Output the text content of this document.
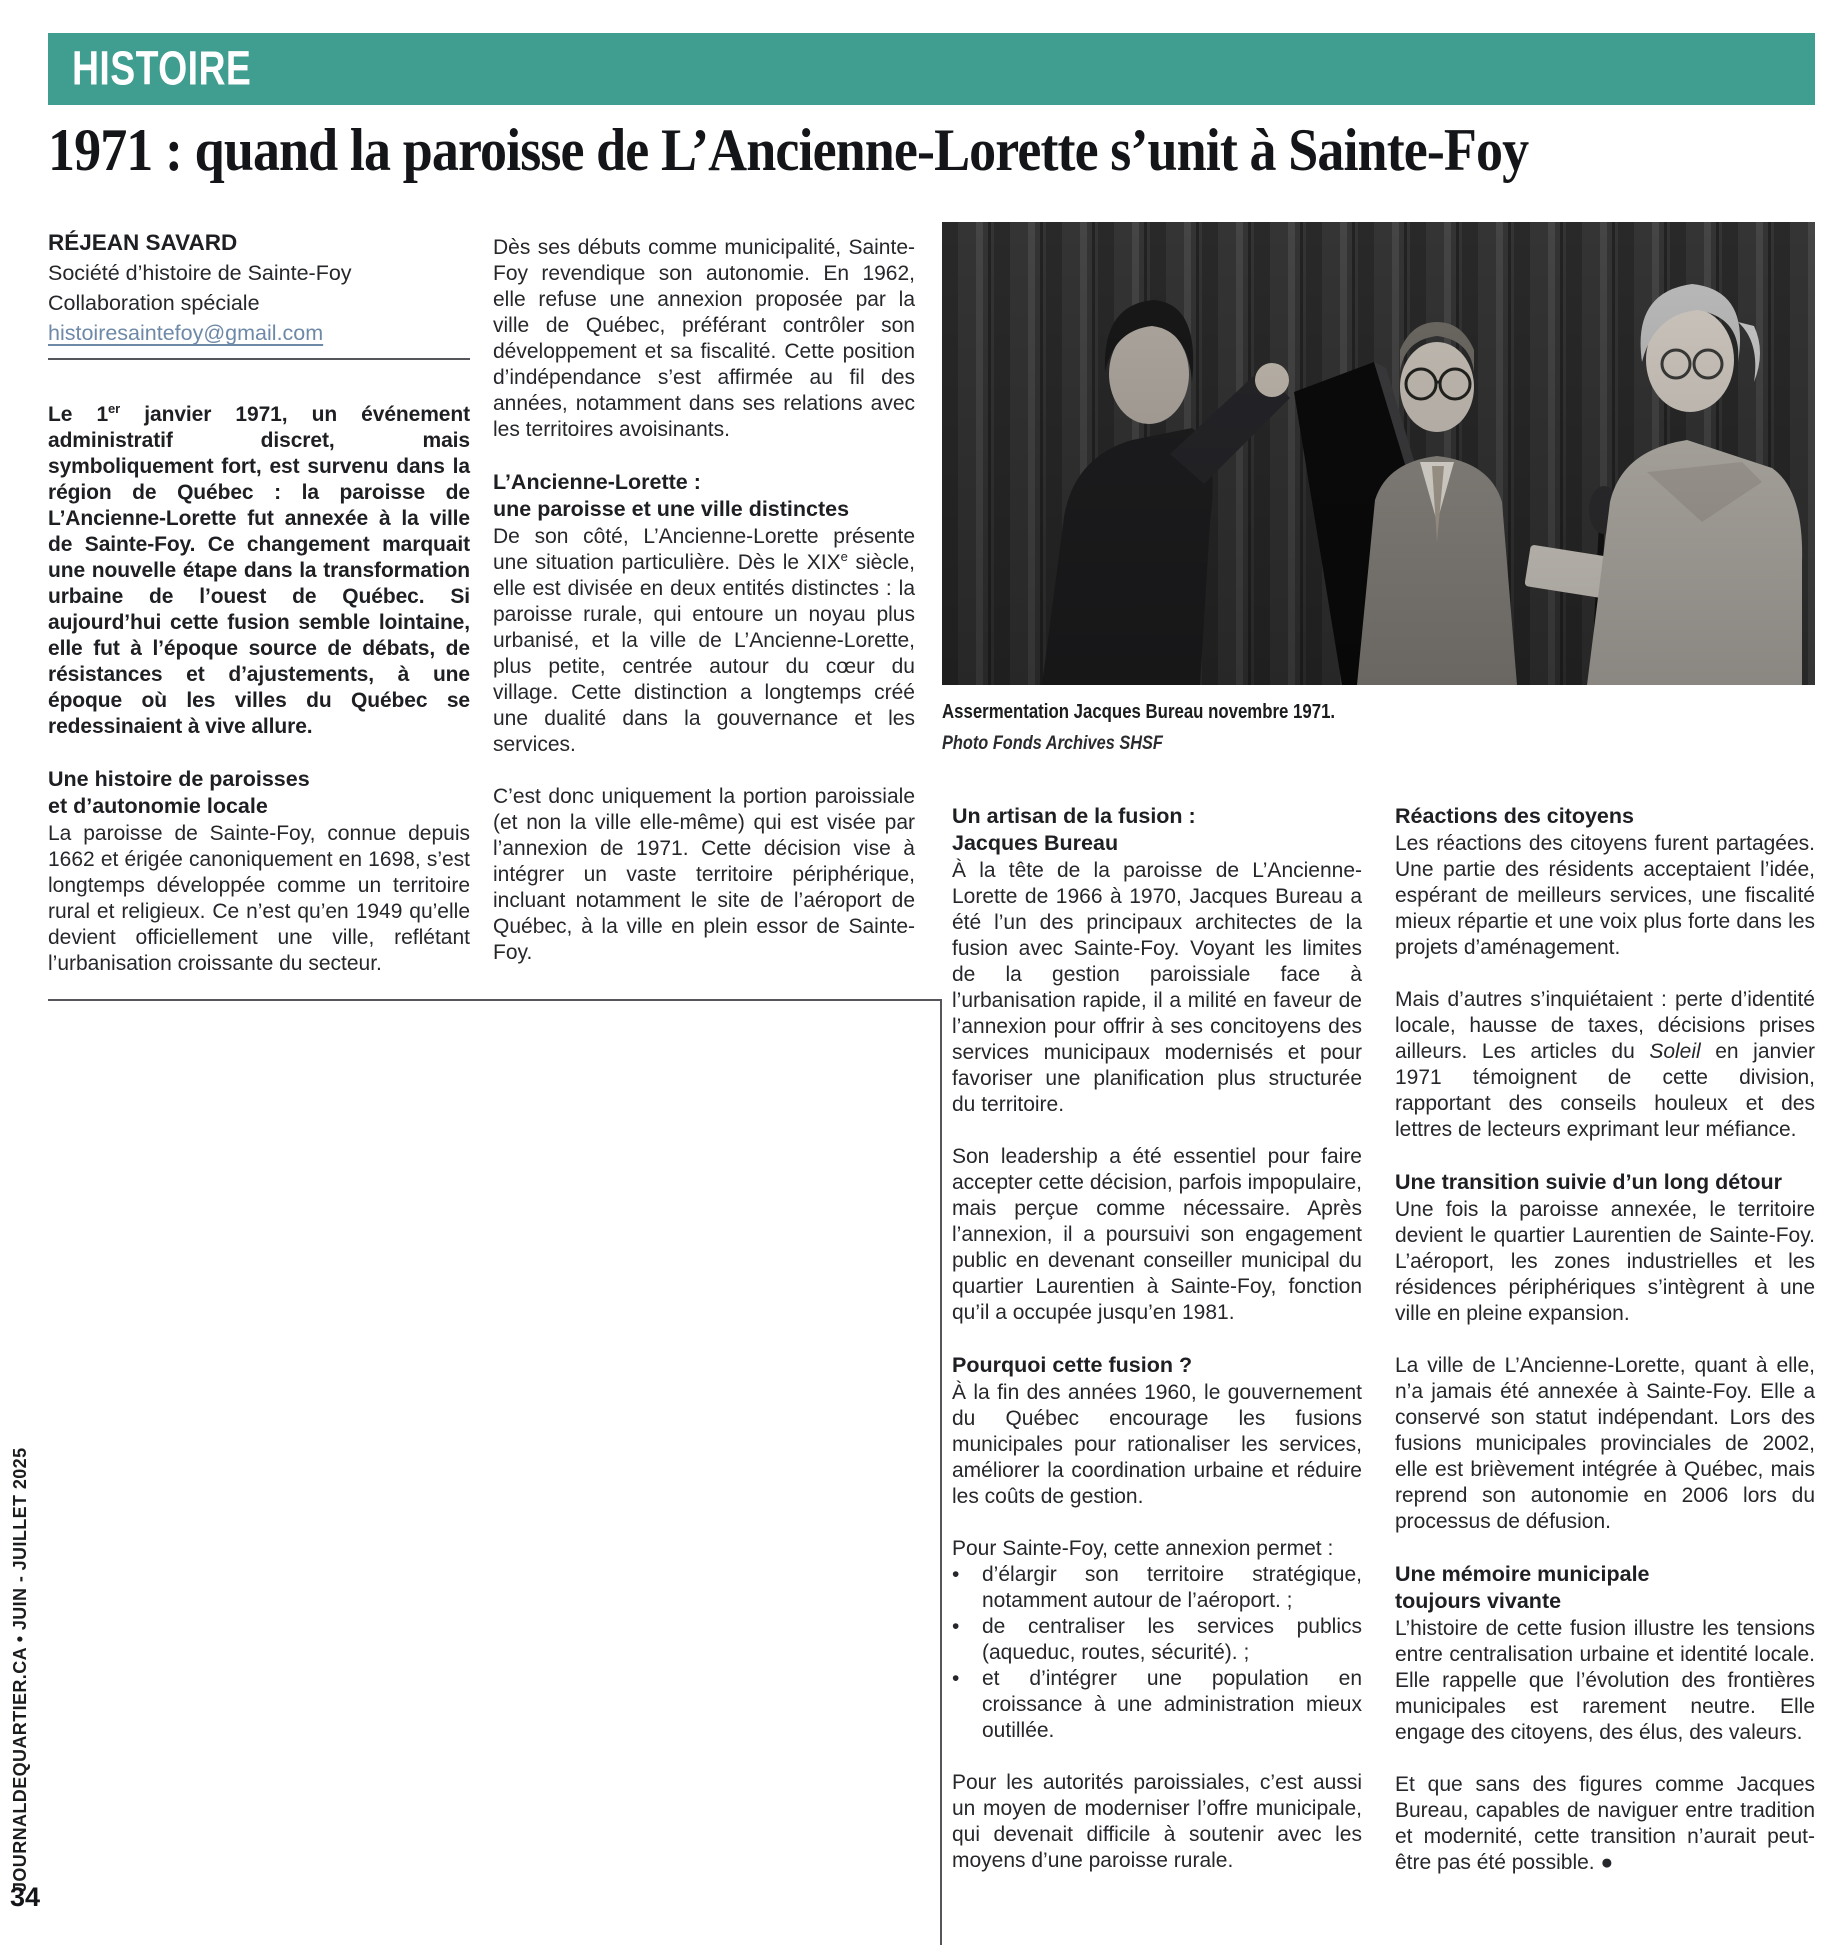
HISTOIRE
1971 : quand la paroisse de L’Ancienne-Lorette s’unit à Sainte-Foy
RÉJEAN SAVARD
Société d’histoire de Sainte-Foy
Collaboration spéciale
histoiresaintefoy@gmail.com

Le 1er janvier 1971, un événement administratif discret, mais symboliquement fort, est survenu dans la région de Québec : la paroisse de L’Ancienne-Lorette fut annexée à la ville de Sainte-Foy. Ce changement marquait une nouvelle étape dans la transformation urbaine de l’ouest de Québec. Si aujourd’hui cette fusion semble lointaine, elle fut à l’époque source de débats, de résistances et d’ajustements, à une époque où les villes du Québec se redessinaient à vive allure.

Une histoire de paroisses
et d’autonomie locale

La paroisse de Sainte-Foy, connue depuis 1662 et érigée canoniquement en 1698, s’est longtemps développée comme un territoire rural et religieux. Ce n’est qu’en 1949 qu’elle devient officiellement une ville, reflétant l’urbanisation croissante du secteur.

Dès ses débuts comme municipalité, Sainte-Foy revendique son autonomie. En 1962, elle refuse une annexion proposée par la ville de Québec, préférant contrôler son développement et sa fiscalité. Cette position d’indépendance s’est affirmée au fil des années, notamment dans ses relations avec les territoires avoisinants.

L’Ancienne-Lorette :
une paroisse et une ville distinctes

De son côté, L’Ancienne-Lorette présente une situation particulière. Dès le XIXe siècle, elle est divisée en deux entités distinctes : la paroisse rurale, qui entoure un noyau plus urbanisé, et la ville de L’Ancienne-Lorette, plus petite, centrée autour du cœur du village. Cette distinction a longtemps créé une dualité dans la gouvernance et les services.

C’est donc uniquement la portion paroissiale (et non la ville elle-même) qui est visée par l’annexion de 1971. Cette décision vise à intégrer un vaste territoire périphérique, incluant notamment le site de l’aéroport de Québec, à la ville en plein essor de Sainte-Foy.

Assermentation Jacques Bureau novembre 1971.
Photo Fonds Archives SHSF
Un artisan de la fusion :
Jacques Bureau

À la tête de la paroisse de L’Ancienne-Lorette de 1966 à 1970, Jacques Bureau a été l’un des principaux architectes de la fusion avec Sainte-Foy. Voyant les limites de la gestion paroissiale face à l’urbanisation rapide, il a milité en faveur de l’annexion pour offrir à ses concitoyens des services municipaux modernisés et pour favoriser une planification plus structurée du territoire.

Son leadership a été essentiel pour faire accepter cette décision, parfois impopulaire, mais perçue comme nécessaire. Après l’annexion, il a poursuivi son engagement public en devenant conseiller municipal du quartier Laurentien à Sainte-Foy, fonction qu’il a occupée jusqu’en 1981.

Pourquoi cette fusion ?

À la fin des années 1960, le gouvernement du Québec encourage les fusions municipales pour rationaliser les services, améliorer la coordination urbaine et réduire les coûts de gestion.

Pour Sainte-Foy, cette annexion permet :

•	d’élargir son territoire stratégique, notamment autour de l’aéroport. ;
•	de centraliser les services publics (aqueduc, routes, sécurité). ;
•	et d’intégrer une population en croissance à une administration mieux outillée.

Pour les autorités paroissiales, c’est aussi un moyen de moderniser l’offre municipale, qui devenait difficile à soutenir avec les moyens d’une paroisse rurale.

Réactions des citoyens

Les réactions des citoyens furent partagées. Une partie des résidents acceptaient l’idée, espérant de meilleurs services, une fiscalité mieux répartie et une voix plus forte dans les projets d’aménagement.

Mais d’autres s’inquiétaient : perte d’identité locale, hausse de taxes, décisions prises ailleurs. Les articles du Soleil en janvier 1971 témoignent de cette division, rapportant des conseils houleux et des lettres de lecteurs exprimant leur méfiance.

Une transition suivie d’un long détour

Une fois la paroisse annexée, le territoire devient le quartier Laurentien de Sainte-Foy. L’aéroport, les zones industrielles et les résidences périphériques s’intègrent à une ville en pleine expansion.

La ville de L’Ancienne-Lorette, quant à elle, n’a jamais été annexée à Sainte-Foy. Elle a conservé son statut indépendant. Lors des fusions municipales provinciales de 2002, elle est brièvement intégrée à Québec, mais reprend son autonomie en 2006 lors du processus de défusion.

Une mémoire municipale
toujours vivante

L’histoire de cette fusion illustre les tensions entre centralisation urbaine et identité locale. Elle rappelle que l’évolution des frontières municipales est rarement neutre. Elle engage des citoyens, des élus, des valeurs.

Et que sans des figures comme Jacques Bureau, capables de naviguer entre tradition et modernité, cette transition n’aurait peut-être pas été possible. ●

JOURNALDEQUARTIER.CA • JUIN - JUILLET 2025
34
